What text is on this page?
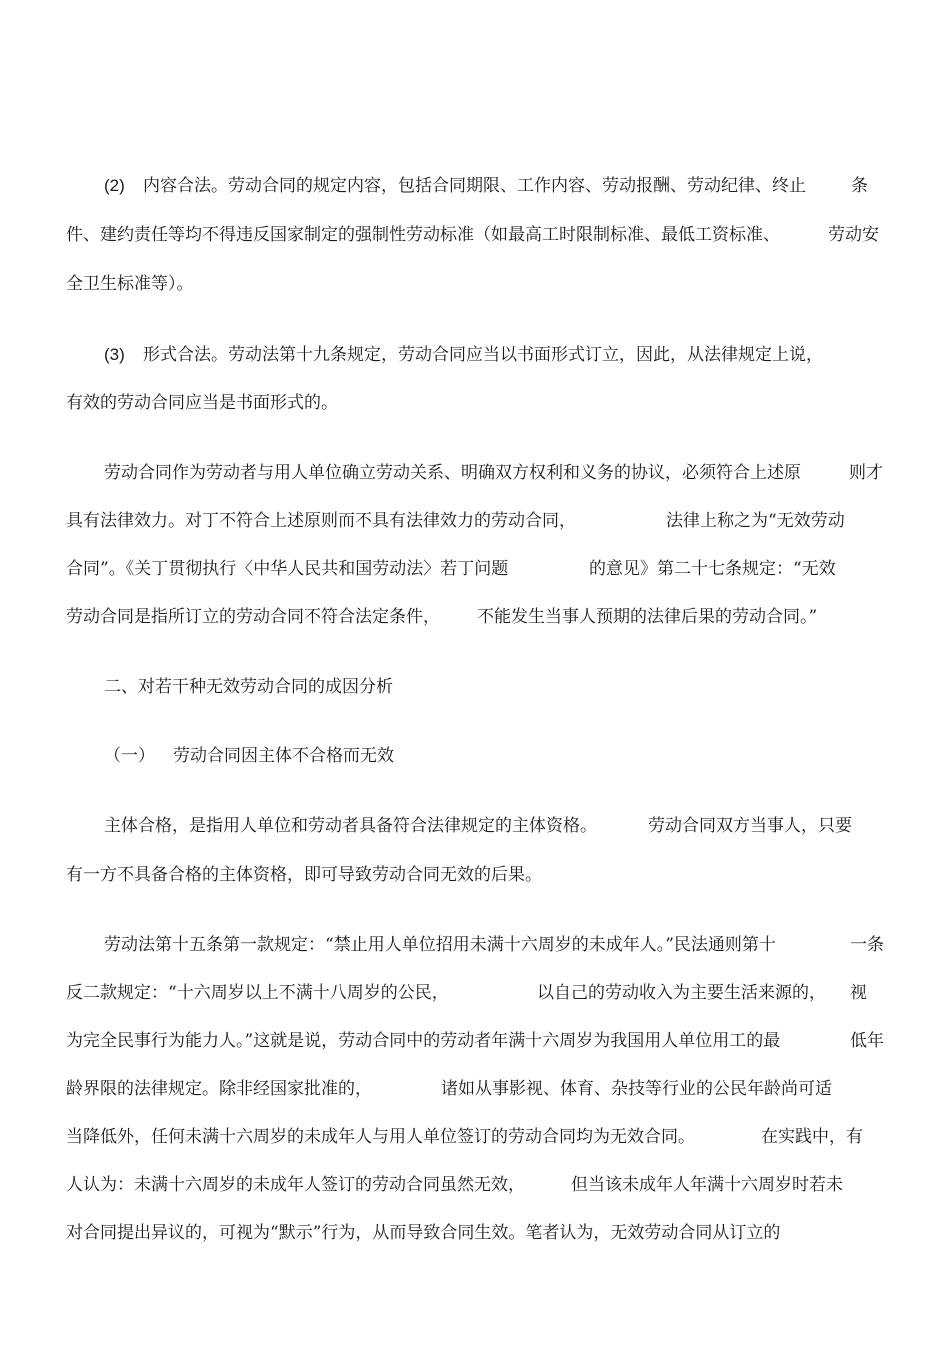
(2) 内容合法。劳动合同的规定内容，包括合同期限、工作内容、劳动报酬、劳动纪律、终止	条
件、建约责任等均不得违反国家制定的强制性劳动标准（如最高工时限制标准、最低工资标准、	劳动安
全卫生标准等）。
(3) 形式合法。劳动法第十九条规定，劳动合同应当以书面形式订立，因此，从法律规定上说，
有效的劳动合同应当是书面形式的。
劳动合同作为劳动者与用人单位确立劳动关系、明确双方权利和义务的协议，必须符合上述原	则才
具有法律效力。对丁不符合上述原则而不具有法律效力的劳动合同，	法律上称之为“无效劳动
合同”。《关丁贯彻执行〈中华人民共和国劳动法〉若丁问题	的意见》第二十七条规定：“无效
劳动合同是指所订立的劳动合同不符合法定条件， 不能发生当事人预期的法律后果的劳动合同。”
二、对若干种无效劳动合同的成因分析
（一） 劳动合同因主体不合格而无效
主体合格，是指用人单位和劳动者具备符合法律规定的主体资格。	劳动合同双方当事人，只要
有一方不具备合格的主体资格，即可导致劳动合同无效的后果。
劳动法第十五条第一款规定：“禁止用人单位招用未满十六周岁的未成年人。”民法通则第十	一条
反二款规定：“十六周岁以上不满十八周岁的公民，	以自己的劳动收入为主要生活来源的， 视
为完全民事行为能力人。”这就是说，劳动合同中的劳动者年满十六周岁为我国用人单位用工的最	低年
龄界限的法律规定。除非经国家批准的，	诸如从事影视、体育、杂技等行业的公民年龄尚可适
当降低外，任何未满十六周岁的未成年人与用人单位签订的劳动合同均为无效合同。	在实践中，有
人认为：未满十六周岁的未成年人签订的劳动合同虽然无效，	但当该未成年人年满十六周岁时若未
对合同提出异议的，可视为“默示”行为，从而导致合同生效。笔者认为，无效劳动合同从订立的
